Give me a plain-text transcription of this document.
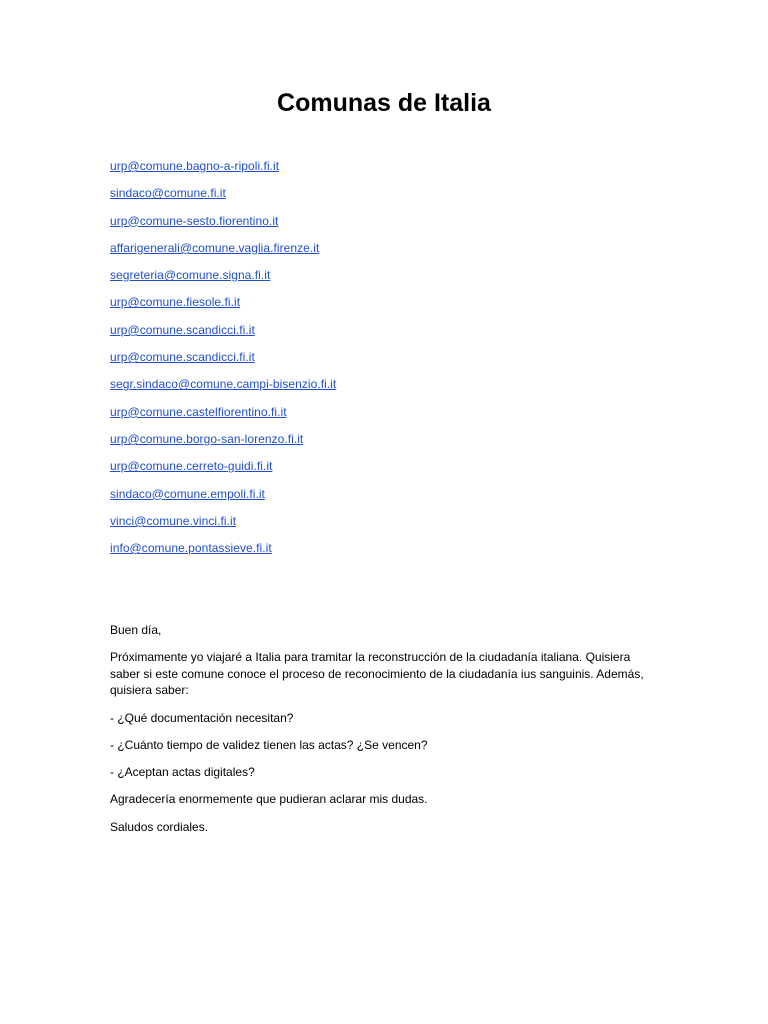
Comunas de Italia
urp@comune.bagno-a-ripoli.fi.it
sindaco@comune.fi.it
urp@comune-sesto.fiorentino.it
affarigenerali@comune.vaglia.firenze.it
segreteria@comune.signa.fi.it
urp@comune.fiesole.fi.it
urp@comune.scandicci.fi.it
urp@comune.scandicci.fi.it
segr.sindaco@comune.campi-bisenzio.fi.it
urp@comune.castelfiorentino.fi.it
urp@comune.borgo-san-lorenzo.fi.it
urp@comune.cerreto-guidi.fi.it
sindaco@comune.empoli.fi.it
vinci@comune.vinci.fi.it
info@comune.pontassieve.fi.it

Buen día,

Próximamente yo viajaré a Italia para tramitar la reconstrucción de la ciudadanía italiana. Quisiera saber si este comune conoce el proceso de reconocimiento de la ciudadanía ius sanguinis. Además, quisiera saber:

- ¿Qué documentación necesitan?

- ¿Cuánto tiempo de validez tienen las actas? ¿Se vencen?

- ¿Aceptan actas digitales?

Agradecería enormemente que pudieran aclarar mis dudas.

Saludos cordiales.
